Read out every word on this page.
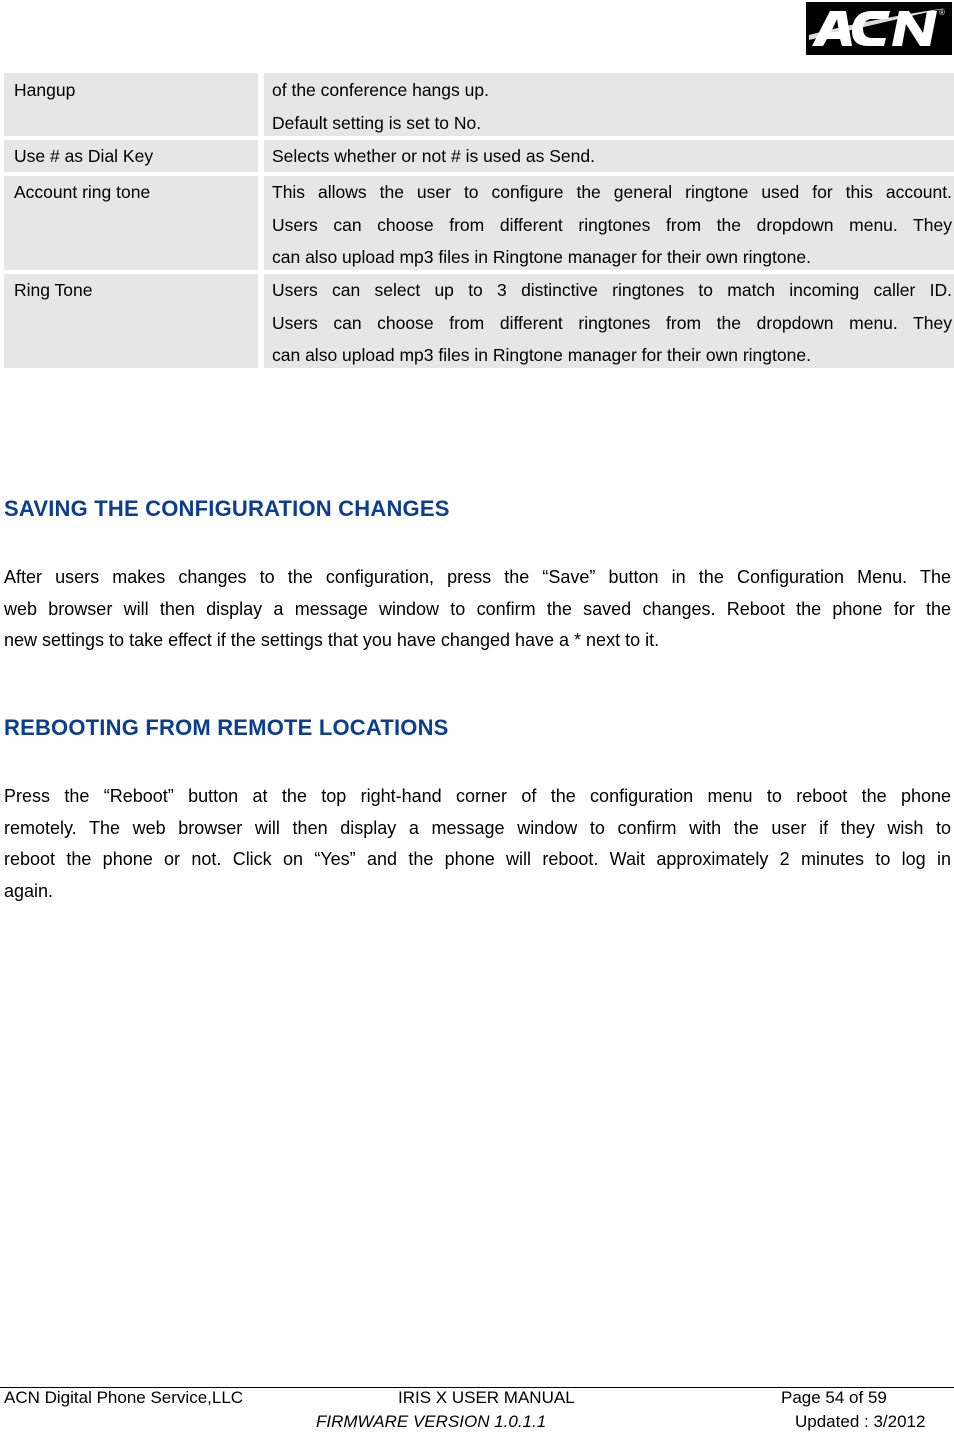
®
Hangup	of the conference hangs up.
Default setting is set to No.
Use # as Dial Key	Selects whether or not # is used as Send.
Account ring tone	This allows the user to configure the general ringtone used for this account.
Users can choose from different ringtones from the dropdown menu. They
can also upload mp3 files in Ringtone manager for their own ringtone.
Ring Tone	Users can select up to 3 distinctive ringtones to match incoming caller ID.
Users can choose from different ringtones from the dropdown menu. They
can also upload mp3 files in Ringtone manager for their own ringtone.
SAVING THE CONFIGURATION CHANGES
After users makes changes to the configuration, press the “Save” button in the Configuration Menu. The
web browser will then display a message window to confirm the saved changes. Reboot the phone for the
new settings to take effect if the settings that you have changed have a * next to it.
REBOOTING FROM REMOTE LOCATIONS
Press the “Reboot” button at the top right-hand corner of the configuration menu to reboot the phone
remotely. The web browser will then display a message window to confirm with the user if they wish to
reboot the phone or not. Click on “Yes” and the phone will reboot. Wait approximately 2 minutes to log in
again.
ACN Digital Phone Service,LLC	IRIS X USER MANUAL
FIRMWARE VERSION 1.0.1.1
Page 54 of 59
Updated : 3/2012
